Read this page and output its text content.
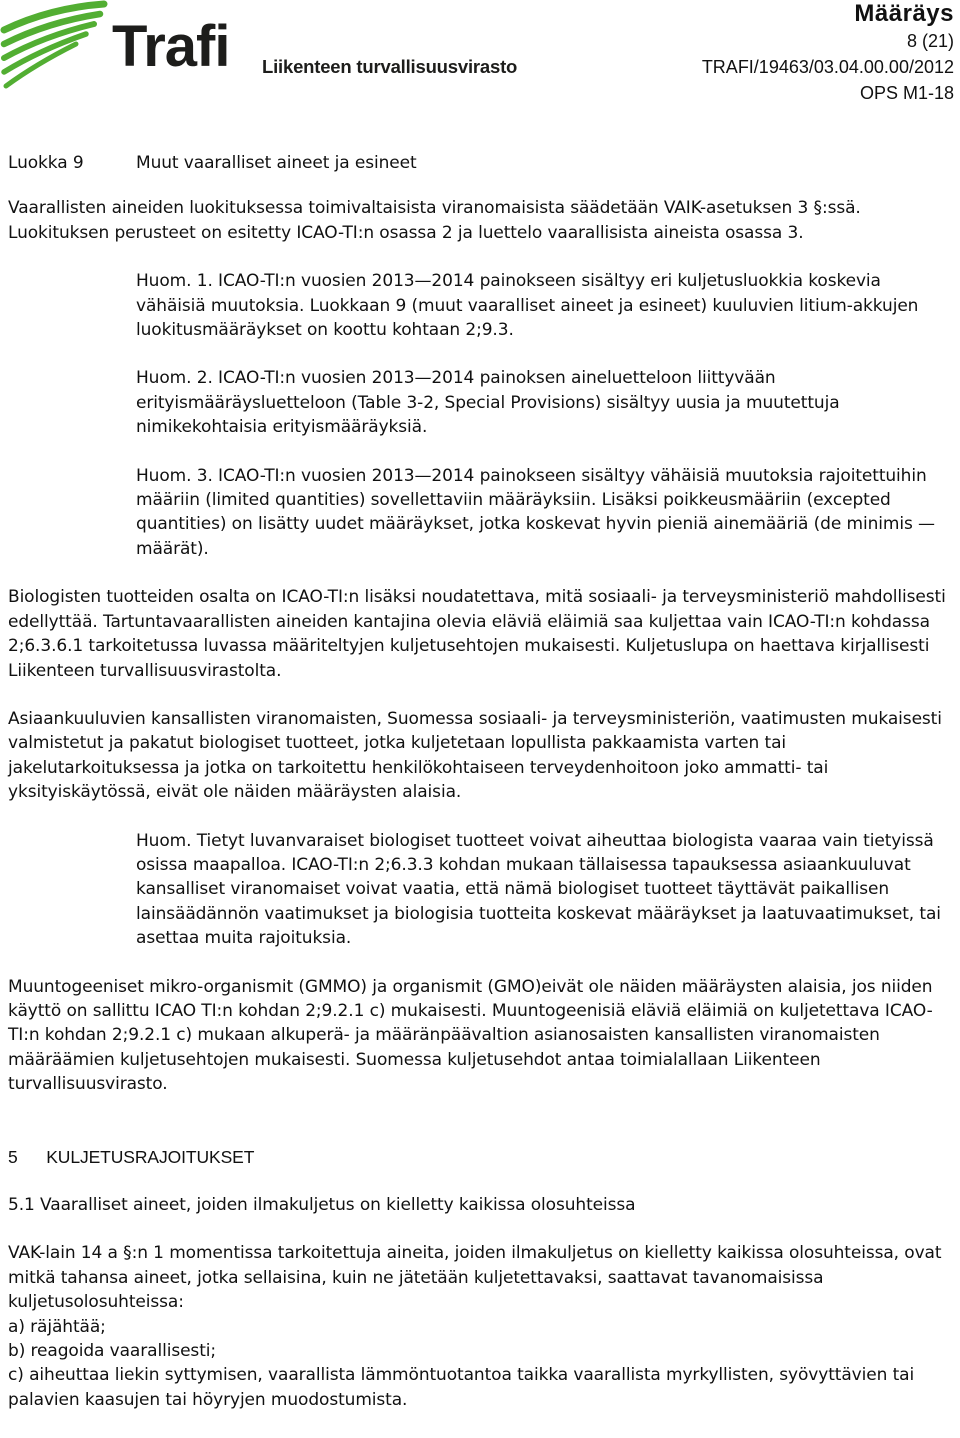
Trafi Liikenteen turvallisuusvirasto
Määräys
8 (21)
TRAFI/19463/03.04.00.00/2012
OPS M1-18
Luokka 9	Muut vaaralliset aineet ja esineet

Vaarallisten aineiden luokituksessa toimivaltaisista viranomaisista säädetään VAIK-asetuksen 3 §:ssä. Luokituksen perusteet on esitetty ICAO-TI:n osassa 2 ja luettelo vaarallisista aineista osassa 3.

Huom. 1. ICAO-TI:n vuosien 2013—2014 painokseen sisältyy eri kuljetusluokkia koskevia vähäisiä muutoksia. Luokkaan 9 (muut vaaralliset aineet ja esineet) kuuluvien litium-akkujen luokitusmääräykset on koottu kohtaan 2;9.3.

Huom. 2. ICAO-TI:n vuosien 2013—2014 painoksen aineluetteloon liittyvään erityismääräysluetteloon (Table 3-2, Special Provisions) sisältyy uusia ja muutettuja nimikekohtaisia erityismääräyksiä.

Huom. 3. ICAO-TI:n vuosien 2013—2014 painokseen sisältyy vähäisiä muutoksia rajoitettuihin määriin (limited quantities) sovellettaviin määräyksiin. Lisäksi poikkeusmääriin (excepted quantities) on lisätty uudet määräykset, jotka koskevat hyvin pieniä ainemääriä (de minimis —määrät).

Biologisten tuotteiden osalta on ICAO-TI:n lisäksi noudatettava, mitä sosiaali- ja terveysministeriö mahdollisesti edellyttää. Tartuntavaarallisten aineiden kantajina olevia eläviä eläimiä saa kuljettaa vain ICAO-TI:n kohdassa 2;6.3.6.1 tarkoitetussa luvassa määriteltyjen kuljetusehtojen mukaisesti. Kuljetuslupa on haettava kirjallisesti Liikenteen turvallisuusvirastolta.

Asiaankuuluvien kansallisten viranomaisten, Suomessa sosiaali- ja terveysministeriön, vaatimusten mukaisesti valmistetut ja pakatut biologiset tuotteet, jotka kuljetetaan lopullista pakkaamista varten tai jakelutarkoituksessa ja jotka on tarkoitettu henkilökohtaiseen terveydenhoitoon joko ammatti- tai yksityiskäytössä, eivät ole näiden määräysten alaisia.

Huom. Tietyt luvanvaraiset biologiset tuotteet voivat aiheuttaa biologista vaaraa vain tietyissä osissa maapalloa. ICAO-TI:n 2;6.3.3 kohdan mukaan tällaisessa tapauksessa asiaankuuluvat kansalliset viranomaiset voivat vaatia, että nämä biologiset tuotteet täyttävät paikallisen lainsäädännön vaatimukset ja biologisia tuotteita koskevat määräykset ja laatuvaatimukset, tai asettaa muita rajoituksia.

Muuntogeeniset mikro-organismit (GMMO) ja organismit (GMO)eivät ole näiden määräysten alaisia, jos niiden käyttö on sallittu ICAO TI:n kohdan 2;9.2.1 c) mukaisesti. Muuntogeenisiä eläviä eläimiä on kuljetettava ICAO-TI:n kohdan 2;9.2.1 c) mukaan alkuperä- ja määränpäävaltion asianosaisten kansallisten viranomaisten määräämien kuljetusehtojen mukaisesti. Suomessa kuljetusehdot antaa toimialallaan Liikenteen turvallisuusvirasto.

5      KULJETUSRAJOITUKSET

5.1 Vaaralliset aineet, joiden ilmakuljetus on kielletty kaikissa olosuhteissa

VAK-lain 14 a §:n 1 momentissa tarkoitettuja aineita, joiden ilmakuljetus on kielletty kaikissa olosuhteissa, ovat mitkä tahansa aineet, jotka sellaisina, kuin ne jätetään kuljetettavaksi, saattavat tavanomaisissa kuljetusolosuhteissa:

a) räjähtää;

b) reagoida vaarallisesti;

c) aiheuttaa liekin syttymisen, vaarallista lämmöntuotantoa taikka vaarallista myrkyllisten, syövyttävien tai palavien kaasujen tai höyryjen muodostumista.
